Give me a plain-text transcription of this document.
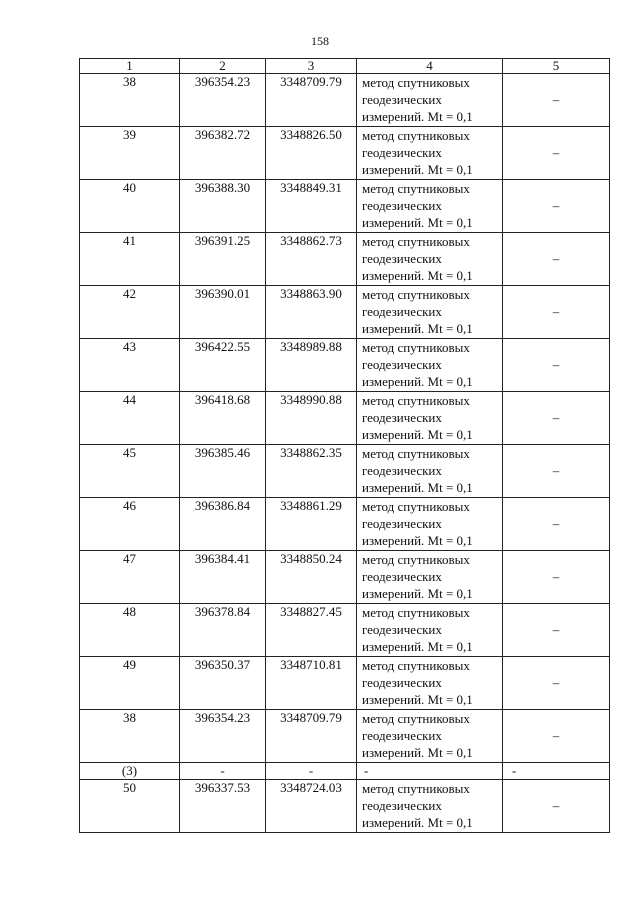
158
1	2	3	4	5
38	396354.23	3348709.79	метод спутниковых
геодезических
измерений. Mt = 0,1	–
39	396382.72	3348826.50	метод спутниковых
геодезических
измерений. Mt = 0,1	–
40	396388.30	3348849.31	метод спутниковых
геодезических
измерений. Mt = 0,1	–
41	396391.25	3348862.73	метод спутниковых
геодезических
измерений. Mt = 0,1	–
42	396390.01	3348863.90	метод спутниковых
геодезических
измерений. Mt = 0,1	–
43	396422.55	3348989.88	метод спутниковых
геодезических
измерений. Mt = 0,1	–
44	396418.68	3348990.88	метод спутниковых
геодезических
измерений. Mt = 0,1	–
45	396385.46	3348862.35	метод спутниковых
геодезических
измерений. Mt = 0,1	–
46	396386.84	3348861.29	метод спутниковых
геодезических
измерений. Mt = 0,1	–
47	396384.41	3348850.24	метод спутниковых
геодезических
измерений. Mt = 0,1	–
48	396378.84	3348827.45	метод спутниковых
геодезических
измерений. Mt = 0,1	–
49	396350.37	3348710.81	метод спутниковых
геодезических
измерений. Mt = 0,1	–
38	396354.23	3348709.79	метод спутниковых
геодезических
измерений. Mt = 0,1	–
(3)	-	-	-	-
50	396337.53	3348724.03	метод спутниковых
геодезических
измерений. Mt = 0,1	–
